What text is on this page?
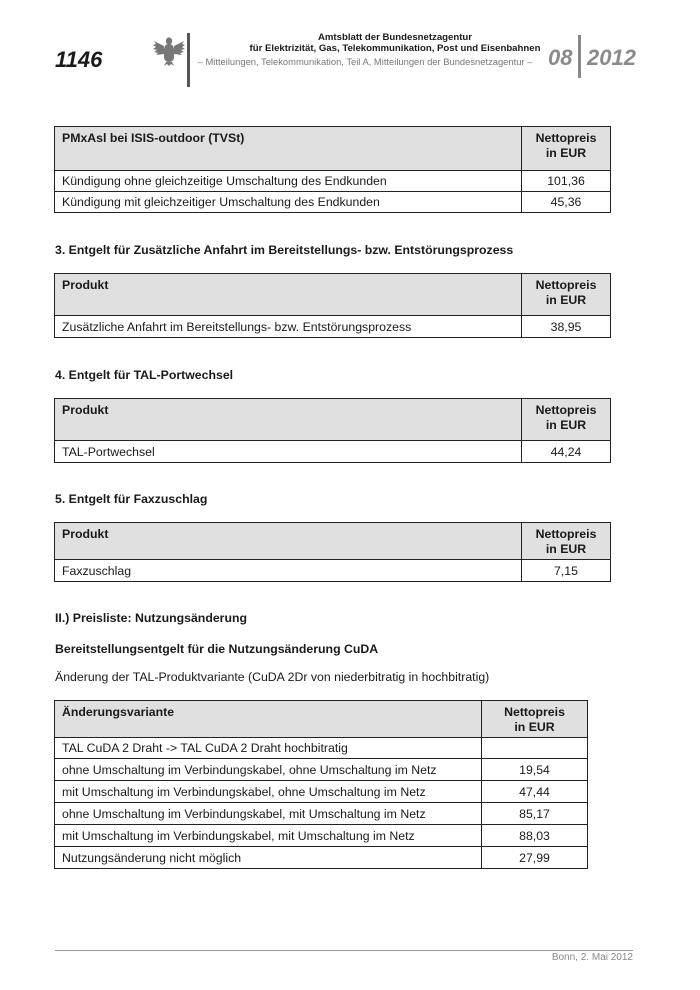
1146
Amtsblatt der Bundesnetzagentur
für Elektrizität, Gas, Telekommunikation, Post und Eisenbahnen
– Mitteilungen, Telekommunikation, Teil A, Mitteilungen der Bundesnetzagentur – 08 2012
PMxAsl bei ISIS-outdoor (TVSt)	Nettopreis
in EUR

Kündigung ohne gleichzeitige Umschaltung des Endkunden	101,36
Kündigung mit gleichzeitiger Umschaltung des Endkunden	45,36
3. Entgelt für Zusätzliche Anfahrt im Bereitstellungs- bzw. Entstörungsprozess
Produkt	Nettopreis
in EUR

Zusätzliche Anfahrt im Bereitstellungs- bzw. Entstörungsprozess	38,95
4. Entgelt für TAL-Portwechsel
Produkt	Nettopreis
in EUR

TAL-Portwechsel	44,24
5. Entgelt für Faxzuschlag
Produkt	Nettopreis
in EUR

Faxzuschlag	7,15
II.) Preisliste: Nutzungsänderung
Bereitstellungsentgelt für die Nutzungsänderung CuDA
Änderung der TAL-Produktvariante (CuDA 2Dr von niederbitratig in hochbitratig)
Änderungsvariante	Nettopreis
in EUR

TAL CuDA 2 Draht -> TAL CuDA 2 Draht hochbitratig	
ohne Umschaltung im Verbindungskabel, ohne Umschaltung im Netz	19,54
mit Umschaltung im Verbindungskabel, ohne Umschaltung im Netz	47,44
ohne Umschaltung im Verbindungskabel, mit Umschaltung im Netz	85,17
mit Umschaltung im Verbindungskabel, mit Umschaltung im Netz	88,03
Nutzungsänderung nicht möglich	27,99
Bonn, 2. Mai 2012
